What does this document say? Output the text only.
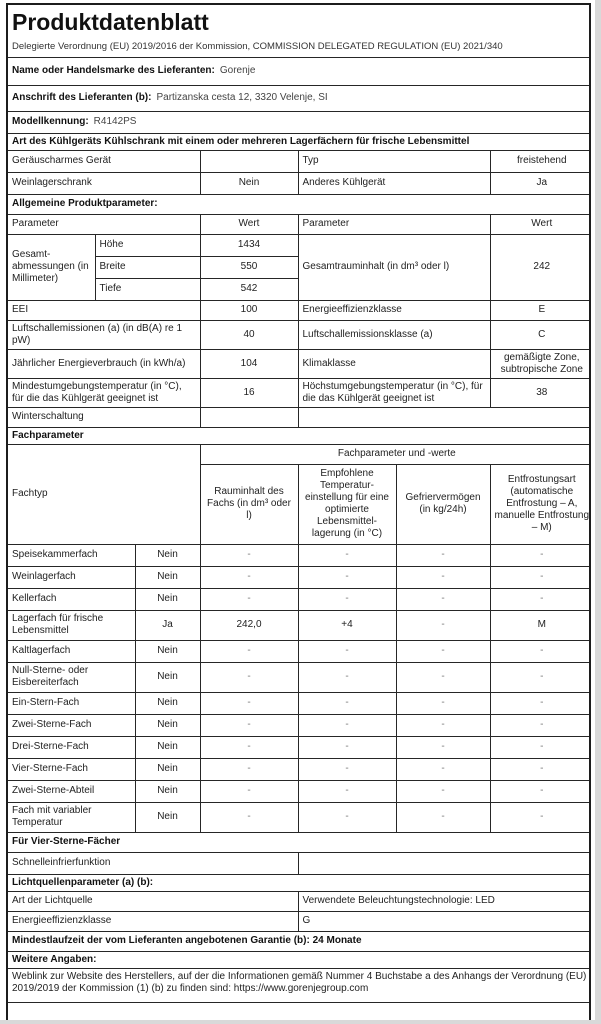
Produktdatenblatt
Delegierte Verordnung (EU) 2019/2016 der Kommission, COMMISSION DELEGATED REGULATION (EU) 2021/340						

Name oder Handelsmarke des Lieferanten: Gorenje						
Anschrift des Lieferanten (b): Partizanska cesta 12, 3320 Velenje, SI						
Modellkennung: R4142PS						
Art des Kühlgeräts Kühlschrank mit einem oder mehreren Lagerfächern für frische Lebensmittel						
Geräuscharmes Gerät				Typ		freistehend
Weinlagerschrank			Nein	Anderes Kühlgerät		Ja
Allgemeine Produktparameter:						
Parameter			Wert	Parameter		Wert
Gesamtabmessungen (in Millimeter)	Höhe		1434	Gesamtrauminhalt (in dm³ oder l)		242
	Breite		550			
	Tiefe		542			
EEI			100	Energieeffizienzklasse		E
Luftschallemissionen (a) (in dB(A) re 1 pW)			40	Luftschallemissionsklasse (a)		C
Jährlicher Energieverbrauch (in kWh/a)			104	Klimaklasse		gemäßigte Zone, subtropische Zone
Mindestumgebungstemperatur (in °C), für die das Kühlgerät geeignet ist			16	Höchstumgebungstemperatur (in °C), für die das Kühlgerät geeignet ist		38
Winterschaltung						
Fachparameter						
Fachtyp			Fachparameter und -werte			
			Rauminhalt des Fachs (in dm³ oder l)	Empfohlene Temperatureinstellung für eine optimierte Lebensmittellagerung (in °C)	Gefriervermögen (in kg/24h)	Entfrostungsart (automatische Entfrostung – A, manuelle Entfrostung – M)
Speisekammerfach		Nein	-	-	-	-
Weinlagerfach		Nein	-	-	-	-
Kellerfach		Nein	-	-	-	-
Lagerfach für frische Lebensmittel		Ja	242,0	+4	-	M
Kaltlagerfach		Nein	-	-	-	-
Null-Sterne- oder Eisbereiterfach		Nein	-	-	-	-
Ein-Stern-Fach		Nein	-	-	-	-
Zwei-Sterne-Fach		Nein	-	-	-	-
Drei-Sterne-Fach		Nein	-	-	-	-
Vier-Sterne-Fach		Nein	-	-	-	-
Zwei-Sterne-Abteil		Nein	-	-	-	-
Fach mit variabler Temperatur		Nein	-	-	-	-
Für Vier-Sterne-Fächer						
Schnelleinfrierfunktion						
Lichtquellenparameter (a) (b):						
Art der Lichtquelle				Verwendete Beleuchtungstechnologie: LED		
Energieeffizienzklasse				G		
Mindestlaufzeit der vom Lieferanten angebotenen Garantie (b): 24 Monate						
Weitere Angaben:						
Weblink zur Website des Herstellers, auf der die Informationen gemäß Nummer 4 Buchstabe a des Anhangs der Verordnung (EU) 2019/2019 der Kommission (1) (b) zu finden sind: https://www.gorenjegroup.com						
